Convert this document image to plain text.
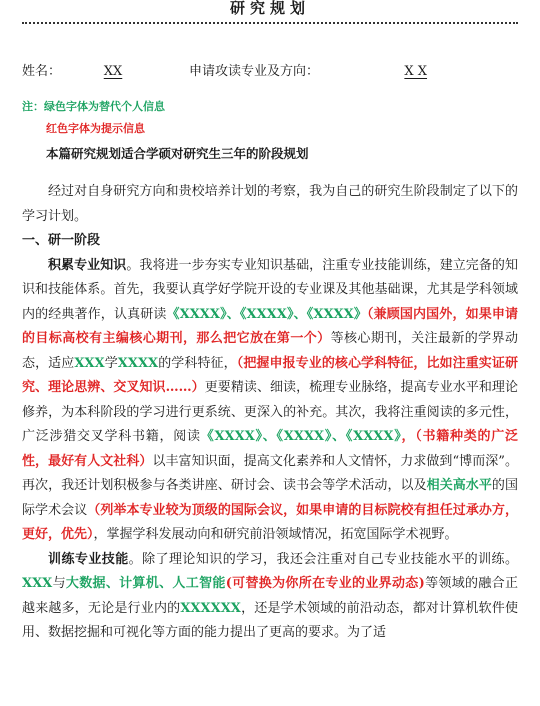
研究规划
姓名：	XX	申请攻读专业及方向：	X X
注：绿色字体为替代个人信息
红色字体为提示信息
本篇研究规划适合学硕对研究生三年的阶段规划

经过对自身研究方向和贵校培养计划的考察，我为自己的研究生阶段制定了以下的学习计划。

一、研一阶段

积累专业知识。我将进一步夯实专业知识基础，注重专业技能训练，建立完备的知识和技能体系。首先，我要认真学好学院开设的专业课及其他基础课，尤其是学科领域内的经典著作，认真研读《XXXX》、《XXXX》、《XXXX》（兼顾国内国外，如果申请的目标高校有主编核心期刊，那么把它放在第一个）等核心期刊，关注最新的学界动态，适应XXX学XXXX的学科特征，（把握申报专业的核心学科特征，比如注重实证研究、理论思辨、交叉知识……）更要精读、细读，梳理专业脉络，提高专业水平和理论修养，为本科阶段的学习进行更系统、更深入的补充。其次，我将注重阅读的多元性，广泛涉猎交叉学科书籍，阅读《XXXX》、《XXXX》、《XXXX》，（书籍种类的广泛性，最好有人文社科）以丰富知识面，提高文化素养和人文情怀，力求做到“博而深”。再次，我还计划积极参与各类讲座、研讨会、读书会等学术活动，以及相关高水平的国际学术会议（列举本专业较为顶级的国际会议，如果申请的目标院校有担任过承办方，更好，优先），掌握学科发展动向和研究前沿领域情况，拓宽国际学术视野。

训练专业技能。除了理论知识的学习，我还会注重对自己专业技能水平的训练。XXX与大数据、计算机、人工智能(可替换为你所在专业的业界动态)等领域的融合正越来越多，无论是行业内的XXXXXX，还是学术领域的前沿动态，都对计算机软件使用、数据挖掘和可视化等方面的能力提出了更高的要求。为了适
